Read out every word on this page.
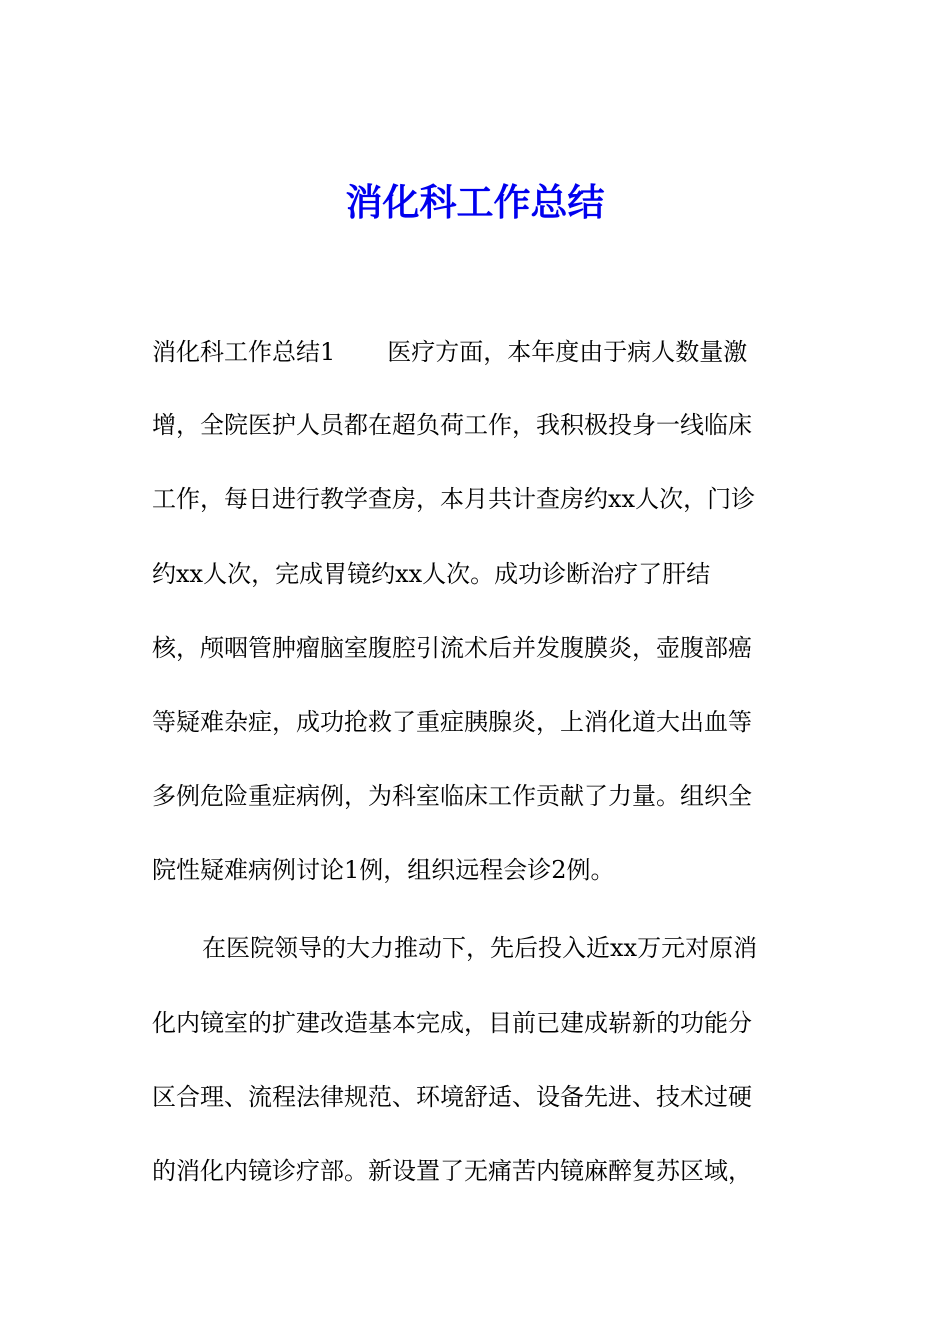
消化科工作总结

消化科工作总结1 医疗方面，本年度由于病人数量激

增，全院医护人员都在超负荷工作，我积极投身一线临床

工作，每日进行教学查房，本月共计查房约xx人次，门诊

约xx人次，完成胃镜约xx人次。成功诊断治疗了肝结

核，颅咽管肿瘤脑室腹腔引流术后并发腹膜炎，壶腹部癌

等疑难杂症，成功抢救了重症胰腺炎，上消化道大出血等

多例危险重症病例，为科室临床工作贡献了力量。组织全

院性疑难病例讨论1例，组织远程会诊2例。

在医院领导的大力推动下，先后投入近xx万元对原消

化内镜室的扩建改造基本完成，目前已建成崭新的功能分

区合理、流程法律规范、环境舒适、设备先进、技术过硬

的消化内镜诊疗部。新设置了无痛苦内镜麻醉复苏区域，
